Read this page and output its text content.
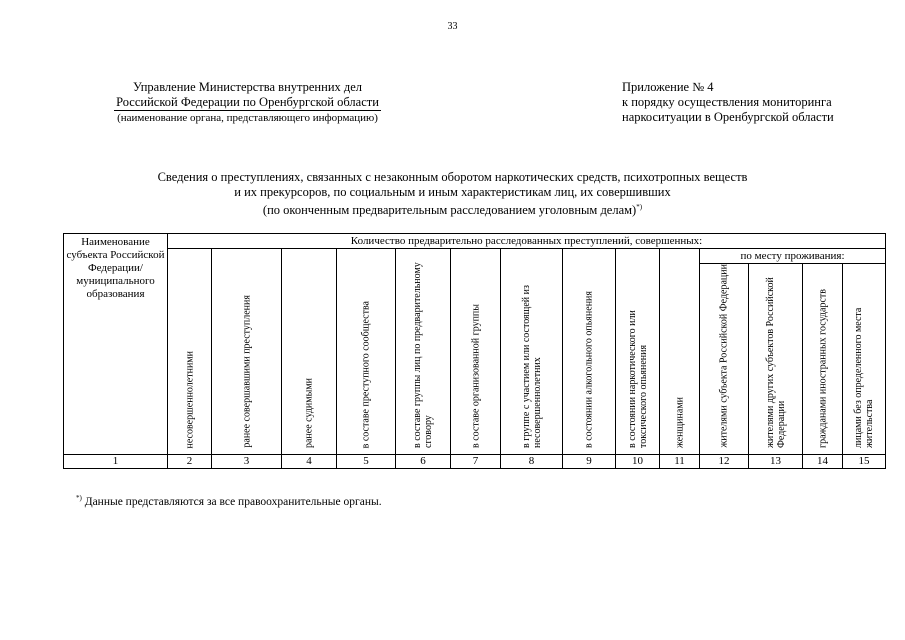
33
Управление Министерства внутренних дел
Российской Федерации по Оренбургской области
(наименование органа, представляющего информацию)
Приложение № 4
к порядку осуществления мониторинга
наркоситуации в Оренбургской области
Сведения о преступлениях, связанных с незаконным оборотом наркотических средств, психотропных веществ
и их прекурсоров, по социальным и иным характеристикам лиц, их совершивших
(по оконченным предварительным расследованием уголовным делам)*)
Наименование субъекта Российской Федерации/ муниципального образования	Количество предварительно расследованных преступлений, совершенных:													

	несовершеннолетними	ранее совершавшими преступления	ранее судимыми	в составе преступного сообщества	в составе группы лиц по предварительному сговору	в составе организованной группы	в группе с участием или состоящей из несовершеннолетних	в состоянии алкогольного опьянения	в состоянии наркотического или токсического опьянения	женщинами	по месту проживания:			

											жителями субъекта Российской Федерации	жителями других субъектов Российской Федерации	гражданами иностранных государств	лицами без определенного места жительства

1	2	3	4	5	6	7	8	9	10	11	12	13	14	15
*) Данные представляются за все правоохранительные органы.
